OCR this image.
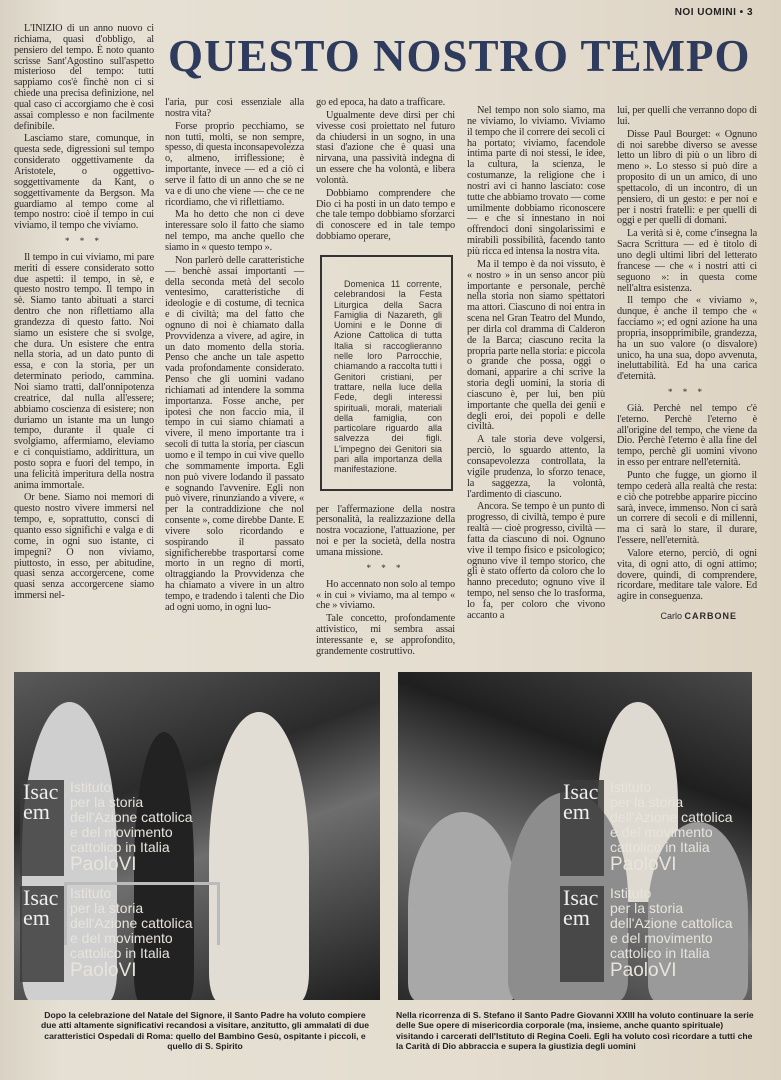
NOI UOMINI • 3
QUESTO NOSTRO TEMPO

L'INIZIO di un anno nuovo ci richiama, quasi d'obbligo, al pensiero del tempo. È noto quanto scrisse Sant'Agostino sull'aspetto misterioso del tempo: tutti sappiamo cos'è finchè non ci si chiede una precisa definizione, nel qual caso ci accorgiamo che è così assai complesso e non facilmente definibile.

Lasciamo stare, comunque, in questa sede, digressioni sul tempo considerato oggettivamente da Aristotele, o oggettivo-soggettivamente da Kant, o soggettivamente da Bergson. Ma guardiamo al tempo come al tempo nostro: cioè il tempo in cui viviamo, il tempo che viviamo.

* * *

Il tempo in cui viviamo, mi pare meriti di essere considerato sotto due aspetti: il tempo, in sè, e questo nostro tempo. Il tempo in sè. Siamo tanto abituati a starci dentro che non riflettiamo alla grandezza di questo fatto. Noi siamo un esistere che si svolge, che dura. Un esistere che entra nella storia, ad un dato punto di essa, e con la storia, per un determinato periodo, cammina. Noi siamo tratti, dall'onnipotenza creatrice, dal nulla all'essere; abbiamo coscienza di esistere; non duriamo un istante ma un lungo tempo, durante il quale ci svolgiamo, affermiamo, eleviamo e ci conquistiamo, addirittura, un posto sopra e fuori del tempo, in una felicità imperitura della nostra anima immortale.

Or bene. Siamo noi memori di questo nostro vivere immersi nel tempo, e, soprattutto, consci di quanto esso significhi e valga e di come, in ogni suo istante, ci impegni? O non viviamo, piuttosto, in esso, per abitudine, quasi senza accorgercene, come quasi senza accorgercene siamo immersi nel-

l'aria, pur così essenziale alla nostra vita?

Forse proprio pecchiamo, se non tutti, molti, se non sempre, spesso, di questa inconsapevolezza o, almeno, irriflessione; è importante, invece — ed a ciò ci serve il fatto di un anno che se ne va e di uno che viene — che ce ne ricordiamo, che vi riflettiamo.

Ma ho detto che non ci deve interessare solo il fatto che siamo nel tempo, ma anche quello che siamo in « questo tempo ».

Non parlerò delle caratteristiche — benchè assai importanti — della seconda metà del secolo ventesimo, caratteristiche di ideologie e di costume, di tecnica e di civiltà; ma del fatto che ognuno di noi è chiamato dalla Provvidenza a vivere, ad agire, in un dato momento della storia. Penso che anche un tale aspetto vada profondamente considerato. Penso che gli uomini vadano richiamati ad intendere la somma importanza. Fosse anche, per ipotesi che non faccio mia, il tempo in cui siamo chiamati a vivere, il meno importante tra i secoli di tutta la storia, per ciascun uomo e il tempo in cui vive quello che sommamente importa. Egli non può vivere lodando il passato e sognando l'avvenire. Egli non può vivere, rinunziando a vivere, « per la contraddizione che nol consente », come direbbe Dante. E vivere solo ricordando e sospirando il passato significherebbe trasportarsi come morto in un regno di morti, oltraggiando la Provvidenza che ha chiamato a vivere in un altro tempo, e tradendo i talenti che Dio ad ogni uomo, in ogni luo-

go ed epoca, ha dato a trafficare.

Ugualmente deve dirsi per chi vivesse così proiettato nel futuro da chiudersi in un sogno, in una stasi d'azione che è quasi una nirvana, una passività indegna di un essere che ha volontà, e libera volontà.

Dobbiamo comprendere che Dio ci ha posti in un dato tempo e che tale tempo dobbiamo sforzarci di conoscere ed in tale tempo dobbiamo operare,

Domenica 11 corrente, celebrandosi la Festa Liturgica della Sacra Famiglia di Nazareth, gli Uomini e le Donne di Azione Cattolica di tutta Italia si raccoglieranno nelle loro Parrocchie, chiamando a raccolta tutti i Genitori cristiani, per trattare, nella luce della Fede, degli interessi spirituali, morali, materiali della famiglia, con particolare riguardo alla salvezza dei figli. L'impegno dei Genitori sia pari alla importanza della manifestazione.

per l'affermazione della nostra personalità, la realizzazione della nostra vocazione, l'attuazione, per noi e per la società, della nostra umana missione.

* * *

Ho accennato non solo al tempo « in cui » viviamo, ma al tempo « che » viviamo.

Tale concetto, profondamente attivistico, mi sembra assai interessante e, se approfondito, grandemente costruttivo.

Nel tempo non solo siamo, ma ne viviamo, lo viviamo. Viviamo il tempo che il correre dei secoli ci ha portato; viviamo, facendole intima parte di noi stessi, le idee, la cultura, la scienza, le costumanze, la religione che i nostri avi ci hanno lasciato: cose tutte che abbiamo trovato — come umilmente dobbiamo riconoscere — e che si innestano in noi offrendoci doni singolarissimi e mirabili possibilità, facendo tanto più ricca ed intensa la nostra vita.

Ma il tempo è da noi vissuto, è « nostro » in un senso ancor più importante e personale, perchè nella storia non siamo spettatori ma attori. Ciascuno di noi entra in scena nel Gran Teatro del Mundo, per dirla col dramma di Calderon de la Barca; ciascuno recita la propria parte nella storia: e piccola o grande che possa, oggi o domani, apparire a chi scrive la storia degli uomini, la storia di ciascuno è, per lui, ben più importante che quella dei genii e degli eroi, dei popoli e delle civiltà.

A tale storia deve volgersi, perciò, lo sguardo attento, la consapevolezza controllata, la vigile prudenza, lo sforzo tenace, la saggezza, la volontà, l'ardimento di ciascuno.

Ancora. Se tempo è un punto di progresso, di civiltà, tempo è pure realtà — cioè progresso, civiltà — fatta da ciascuno di noi. Ognuno vive il tempo fisico e psicologico; ognuno vive il tempo storico, che gli è stato offerto da coloro che lo hanno preceduto; ognuno vive il tempo, nel senso che lo trasforma, lo fa, per coloro che vivono accanto a

lui, per quelli che verranno dopo di lui.

Disse Paul Bourget: « Ognuno di noi sarebbe diverso se avesse letto un libro di più o un libro di meno ». Lo stesso si può dire a proposito di un un amico, di uno spettacolo, di un incontro, di un pensiero, di un gesto: e per noi e per i nostri fratelli: e per quelli di oggi e per quelli di domani.

La verità si è, come c'insegna la Sacra Scrittura — ed è titolo di uno degli ultimi libri del letterato francese — che « i nostri atti ci seguono »: in questa come nell'altra esistenza.

Il tempo che « viviamo », dunque, è anche il tempo che « facciamo »; ed ogni azione ha una propria, insopprimibile, grandezza, ha un suo valore (o disvalore) unico, ha una sua, dopo avvenuta, ineluttabilità. Ed ha una carica d'eternità.

* * *

Già. Perchè nel tempo c'è l'eterno. Perchè l'eterno è all'origine del tempo, che viene da Dio. Perchè l'eterno è alla fine del tempo, perchè gli uomini vivono in esso per entrare nell'eternità.

Punto che fugge, un giorno il tempo cederà alla realtà che resta: e ciò che potrebbe apparire piccino sarà, invece, immenso. Non ci sarà un correre di secoli e di millenni, ma ci sarà lo stare, il durare, l'essere, nell'eternità.

Valore eterno, perciò, di ogni vita, di ogni atto, di ogni attimo; dovere, quindi, di comprendere, ricordare, meditare tale valore. Ed agire in conseguenza.

Carlo CARBONE
Dopo la celebrazione del Natale del Signore, il Santo Padre ha voluto compiere due atti altamente significativi recandosi a visitare, anzitutto, gli ammalati di due caratteristici Ospedali di Roma: quello del Bambino Gesù, ospitante i piccoli, e quello di S. Spirito
Nella ricorrenza di S. Stefano il Santo Padre Giovanni XXIII ha voluto continuare la serie delle Sue opere di misericordia corporale (ma, insieme, anche quanto spirituale) visitando i carcerati dell'Istituto di Regina Coeli. Egli ha voluto così ricordare a tutti che la Carità di Dio abbraccia e supera la giustizia degli uomini
Isacem
Istituto
per la storia
dell'Azione cattolica
e del movimento
cattolico in Italia
PaoloVI
Isacem
Istituto
per la storia
dell'Azione cattolica
e del movimento
cattolico in Italia
PaoloVI
Isacem
Istituto
per la storia
dell'Azione cattolica
e del movimento
cattolico in Italia
PaoloVI
Isacem
Istituto
per la storia
dell'Azione cattolica
e del movimento
cattolico in Italia
PaoloVI
